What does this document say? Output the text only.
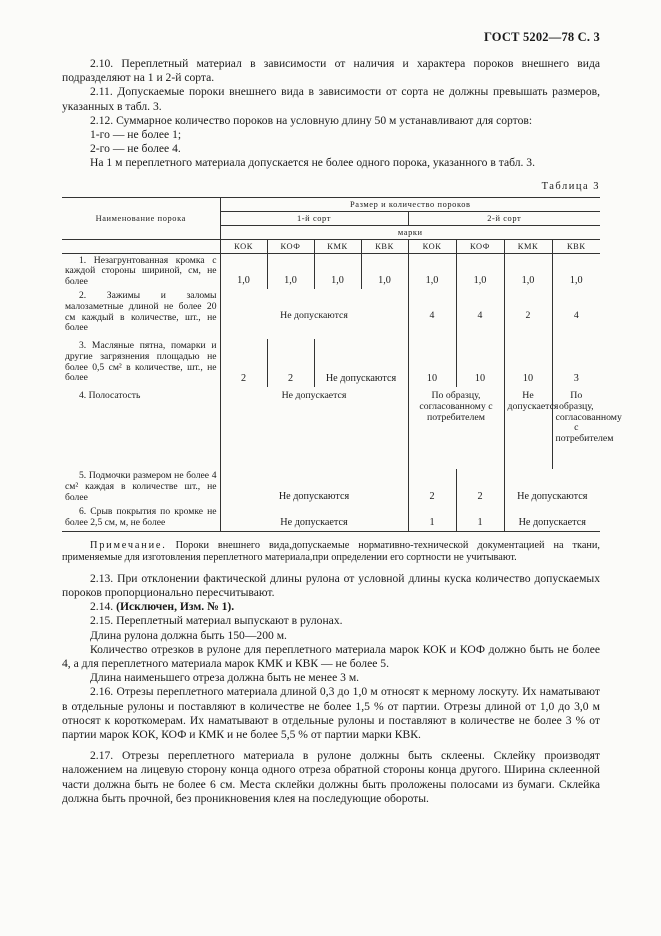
ГОСТ 5202—78 С. 3

2.10. Переплетный материал в зависимости от наличия и характера пороков внешнего вида подразделяют на 1 и 2-й сорта.

2.11. Допускаемые пороки внешнего вида в зависимости от сорта не должны превышать размеров, указанных в табл. 3.

2.12. Суммарное количество пороков на условную длину 50 м устанавливают для сортов:

1-го — не более 1;

2-го — не более 4.

На 1 м переплетного материала допускается не более одного порока, указанного в табл. 3.

Таблица 3
Наименование порока	Размер и количество пороков							
	1-й сорт				2-й сорт			
	марки							
	КОК	КОФ	КМК	КВК	КОК	КОФ	КМК	КВК

1. Незагрунтованная кромка с каждой стороны шириной, см, не более	1,0	1,0	1,0	1,0	1,0	1,0	1,0	1,0

2. Зажимы и заломы малозаметные длиной не более 20 см каждый в количестве, шт., не более	Не допускаются				4	4	2	4

3. Масляные пятна, помарки и другие загрязнения площадью не более 0,5 см² в количестве, шт., не более	2	2	Не допускаются		10	10	10	3

4. Полосатость	Не допускается				По образцу, согласованному с потребителем		Не допускается	По образцу, согласованному с потребителем

5. Подмочки размером не более 4 см² каждая в количестве шт., не более	Не допускаются				2	2	Не допускаются	

6. Срыв покрытия по кромке не более 2,5 см, м, не более	Не допускается				1	1	Не допускается	
Примечание. Пороки внешнего вида,допускаемые нормативно-технической документацией на ткани, применяемые для изготовления переплетного материала,при определении его сортности не учитывают.

2.13. При отклонении фактической длины рулона от условной длины куска количество допускаемых пороков пропорционально пересчитывают.

2.14. (Исключен, Изм. № 1).

2.15. Переплетный материал выпускают в рулонах.

Длина рулона должна быть 150—200 м.

Количество отрезков в рулоне для переплетного материала марок КОК и КОФ должно быть не более 4, а для переплетного материала марок КМК и КВК — не более 5.

Длина наименьшего отреза должна быть не менее 3 м.

2.16. Отрезы переплетного материала длиной 0,3 до 1,0 м относят к мерному лоскуту. Их наматывают в отдельные рулоны и поставляют в количестве не более 1,5 % от партии. Отрезы длиной от 1,0 до 3,0 м относят к короткомерам. Их наматывают в отдельные рулоны и поставляют в количестве не более 3 % от партии марок КОК, КОФ и КМК и не более 5,5 % от партии марки КВК.

2.17. Отрезы переплетного материала в рулоне должны быть склеены. Склейку производят наложением на лицевую сторону конца одного отреза обратной стороны конца другого. Ширина склеенной части должна быть не более 6 см. Места склейки должны быть проложены полосами из бумаги. Склейка должна быть прочной, без проникновения клея на последующие обороты.
